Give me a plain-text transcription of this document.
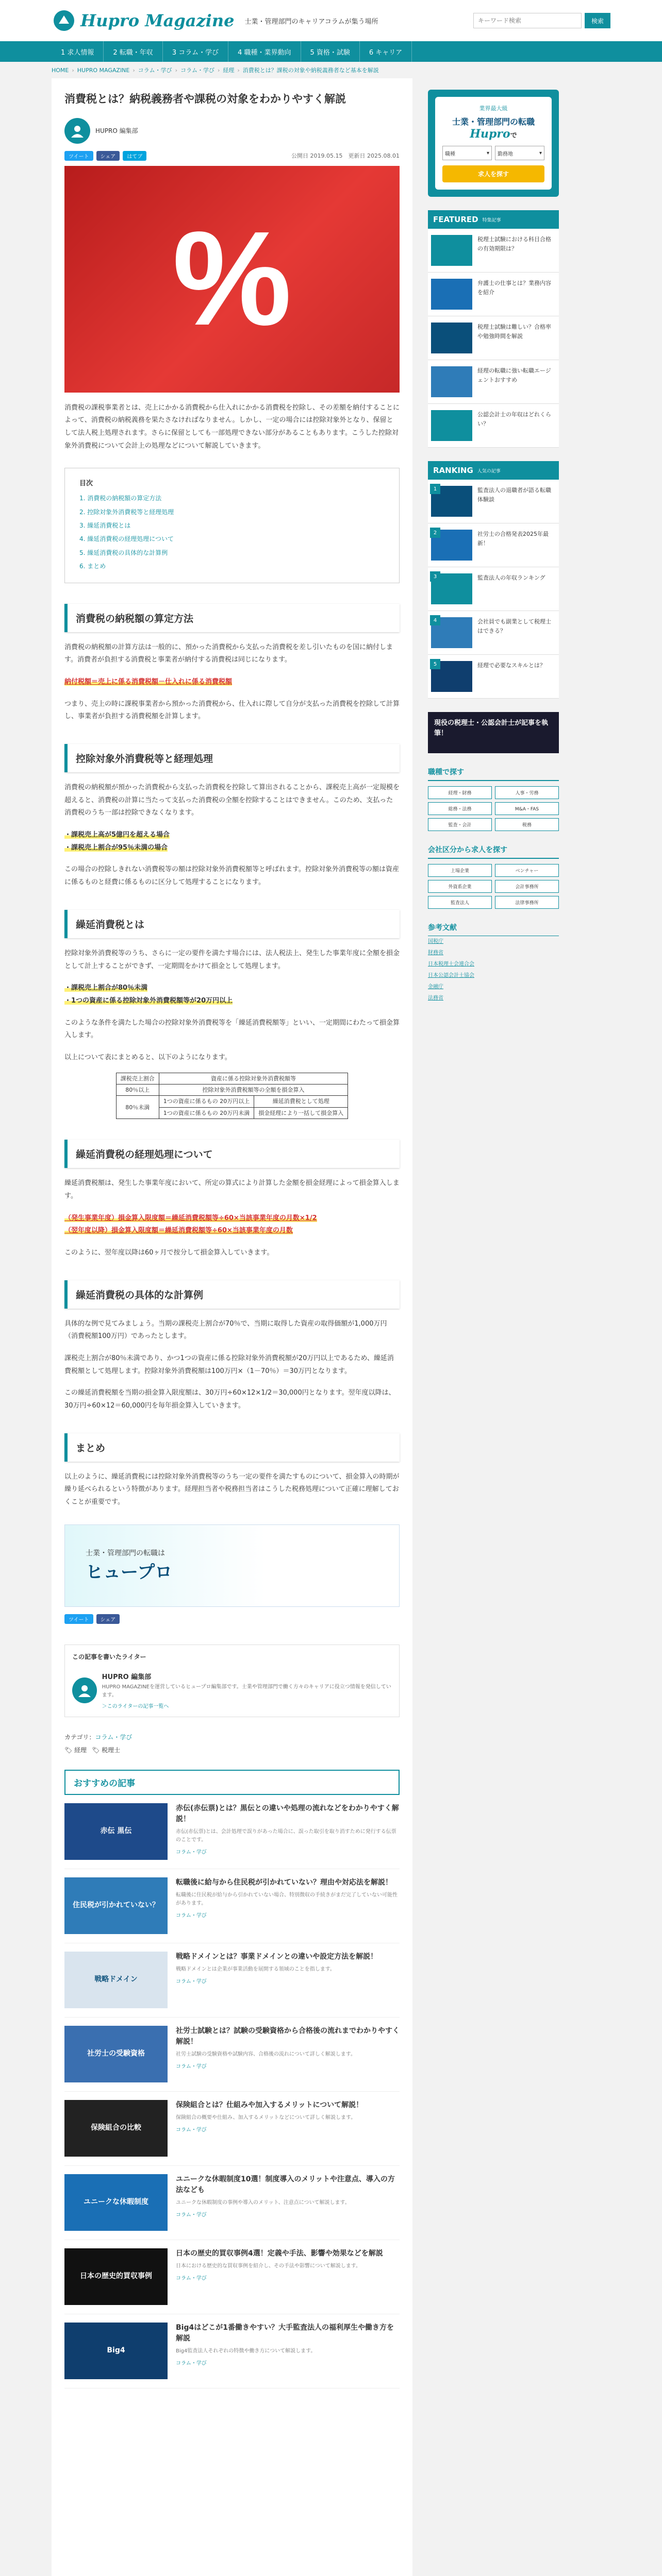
Hupro Magazine 士業・管理部門のキャリアコラムが集う場所
キーワード検索	検索
1 求人情報	2 転職・年収	3 コラム・学び	4 職種・業界動向	5 資格・試験	6 キャリア
HOME › HUPRO MAGAZINE › コラム・学び › コラム・学び › 経理 › 消費税とは？課税の対象や納税義務者など基本を解説
消費税とは？納税義務者や課税の対象をわかりやすく解説
HUPRO 編集部
ツイート	シェア	はてブ	公開日 2019.05.15　更新日 2025.08.01
%

消費税の課税事業者とは、売上にかかる消費税から仕入れにかかる消費税を控除し、その差額を納付することによって、消費税の納税義務を果たさなければなりません。しかし、一定の場合には控除対象外となり、保留として法人税上処理されます。さらに保留としても一部処理できない部分があることもあります。こうした控除対象外消費税について会計上の処理などについて解説していきます。

目次
1. 消費税の納税額の算定方法
2. 控除対象外消費税等と経理処理
3. 繰延消費税とは
4. 繰延消費税の経理処理について
5. 繰延消費税の具体的な計算例
6. まとめ
消費税の納税額の算定方法

消費税の納税額の計算方法は一般的に、預かった消費税から支払った消費税を差し引いたものを国に納付します。消費者が負担する消費税と事業者が納付する消費税は同じになります。

納付税額＝売上に係る消費税額－仕入れに係る消費税額

つまり、売上の時に課税事業者から預かった消費税から、仕入れに際して自分が支払った消費税を控除して計算し、事業者が負担する消費税額を計算します。

控除対象外消費税等と経理処理

消費税の納税額が預かった消費税から支払った消費税を控除して算出されることから、課税売上高が一定規模を超えると、消費税の計算に当たって支払った消費税の全額を控除することはできません。このため、支払った消費税のうち一部は控除できなくなります。

・課税売上高が5億円を超える場合
・課税売上割合が95％未満の場合

この場合の控除しきれない消費税等の額は控除対象外消費税額等と呼ばれます。控除対象外消費税等の額は資産に係るものと経費に係るものに区分して処理することになります。

繰延消費税とは

控除対象外消費税等のうち、さらに一定の要件を満たす場合には、法人税法上、発生した事業年度に全額を損金として計上することができず、一定期間をかけて損金として処理します。

・課税売上割合が80％未満
・1つの資産に係る控除対象外消費税額等が20万円以上

このような条件を満たした場合の控除対象外消費税等を「繰延消費税額等」といい、一定期間にわたって損金算入します。

以上について表にまとめると、以下のようになります。

課税売上割合	資産に係る控除対象外消費税額等	
80％以上	控除対象外消費税額等の全額を損金算入	
80％未満	1つの資産に係るもの 20万円以上	繰延消費税として処理
	1つの資産に係るもの 20万円未満	損金経理により一括して損金算入
繰延消費税の経理処理について

繰延消費税額は、発生した事業年度において、所定の算式により計算した金額を損金経理によって損金算入します。

（発生事業年度）損金算入限度額＝繰延消費税額等÷60×当該事業年度の月数×1/2
（翌年度以降）損金算入限度額＝繰延消費税額等÷60×当該事業年度の月数

このように、翌年度以降は60ヶ月で按分して損金算入していきます。

繰延消費税の具体的な計算例

具体的な例で見てみましょう。当期の課税売上割合が70％で、当期に取得した資産の取得価額が1,000万円（消費税額100万円）であったとします。

課税売上割合が80％未満であり、かつ1つの資産に係る控除対象外消費税額が20万円以上であるため、繰延消費税額として処理します。控除対象外消費税額は100万円×（1－70％）＝30万円となります。

この繰延消費税額を当期の損金算入限度額は、30万円÷60×12×1/2＝30,000円となります。翌年度以降は、30万円÷60×12＝60,000円を毎年損金算入していきます。

まとめ

以上のように、繰延消費税には控除対象外消費税等のうち一定の要件を満たすものについて、損金算入の時期が繰り延べられるという特徴があります。経理担当者や税務担当者はこうした税務処理について正確に理解しておくことが重要です。

士業・管理部門の転職は
ヒュープロ
ツイート	シェア
この記事を書いたライター
HUPRO 編集部
HUPRO MAGAZINEを運営しているヒュープロ編集部です。士業や管理部門で働く方々のキャリアに役立つ情報を発信しています。
＞このライターの記事一覧へ
カテゴリ：コラム・学び
🏷 経理 🏷 税理士
おすすめの記事
赤伝 黒伝
赤伝(赤伝票)とは？黒伝との違いや処理の流れなどをわかりやすく解説！
赤伝(赤伝票)とは、会計処理で誤りがあった場合に、誤った取引を取り消すために発行する伝票のことです。
コラム・学び
住民税が引かれていない？
転職後に給与から住民税が引かれていない？理由や対応法を解説！
転職後に住民税が給与から引かれていない場合、特別徴収の手続きがまだ完了していない可能性があります。
コラム・学び
戦略ドメイン
戦略ドメインとは？事業ドメインとの違いや設定方法を解説！
戦略ドメインとは企業が事業活動を展開する領域のことを指します。
コラム・学び
社労士の受験資格
社労士試験とは？試験の受験資格から合格後の流れまでわかりやすく解説！
社労士試験の受験資格や試験内容、合格後の流れについて詳しく解説します。
コラム・学び
保険組合の比較
保険組合とは？仕組みや加入するメリットについて解説！
保険組合の概要や仕組み、加入するメリットなどについて詳しく解説します。
コラム・学び
ユニークな休暇制度
ユニークな休暇制度10選！制度導入のメリットや注意点、導入の方法なども
ユニークな休暇制度の事例や導入のメリット、注意点について解説します。
コラム・学び
日本の歴史的買収事例
日本の歴史的買収事例4選！定義や手法、影響や効果などを解説
日本における歴史的な買収事例を紹介し、その手法や影響について解説します。
コラム・学び
Big4
Big4はどこが1番働きやすい？大手監査法人の福利厚生や働き方を解説
Big4監査法人それぞれの特徴や働き方について解説します。
コラム・学び
業界最大級
士業・管理部門の転職
Huproで
職種	▾ 勤務地	▾
求人を探す
FEATURED 特集記事
税理士試験における科目合格の有効期限は？
弁護士の仕事とは？業務内容を紹介
税理士試験は難しい？合格率や勉強時間を解説
経理の転職に強い転職エージェントおすすめ
公認会計士の年収はどれくらい？
RANKING 人気の記事
監査法人の退職者が語る転職体験談
1
社労士の合格発表2025年最新！
2
監査法人の年収ランキング
3
会社員でも副業として税理士はできる？
4
経理で必要なスキルとは？
5
現役の税理士・公認会計士が記事を執筆！
職種で探す
経理・財務	人事・労務
総務・法務	M&A・FAS
監査・会計	税務
会社区分から求人を探す
上場企業	ベンチャー
外資系企業	会計事務所
監査法人	法律事務所
参考文献
国税庁
財務省
日本税理士会連合会
日本公認会計士協会
金融庁
法務省
